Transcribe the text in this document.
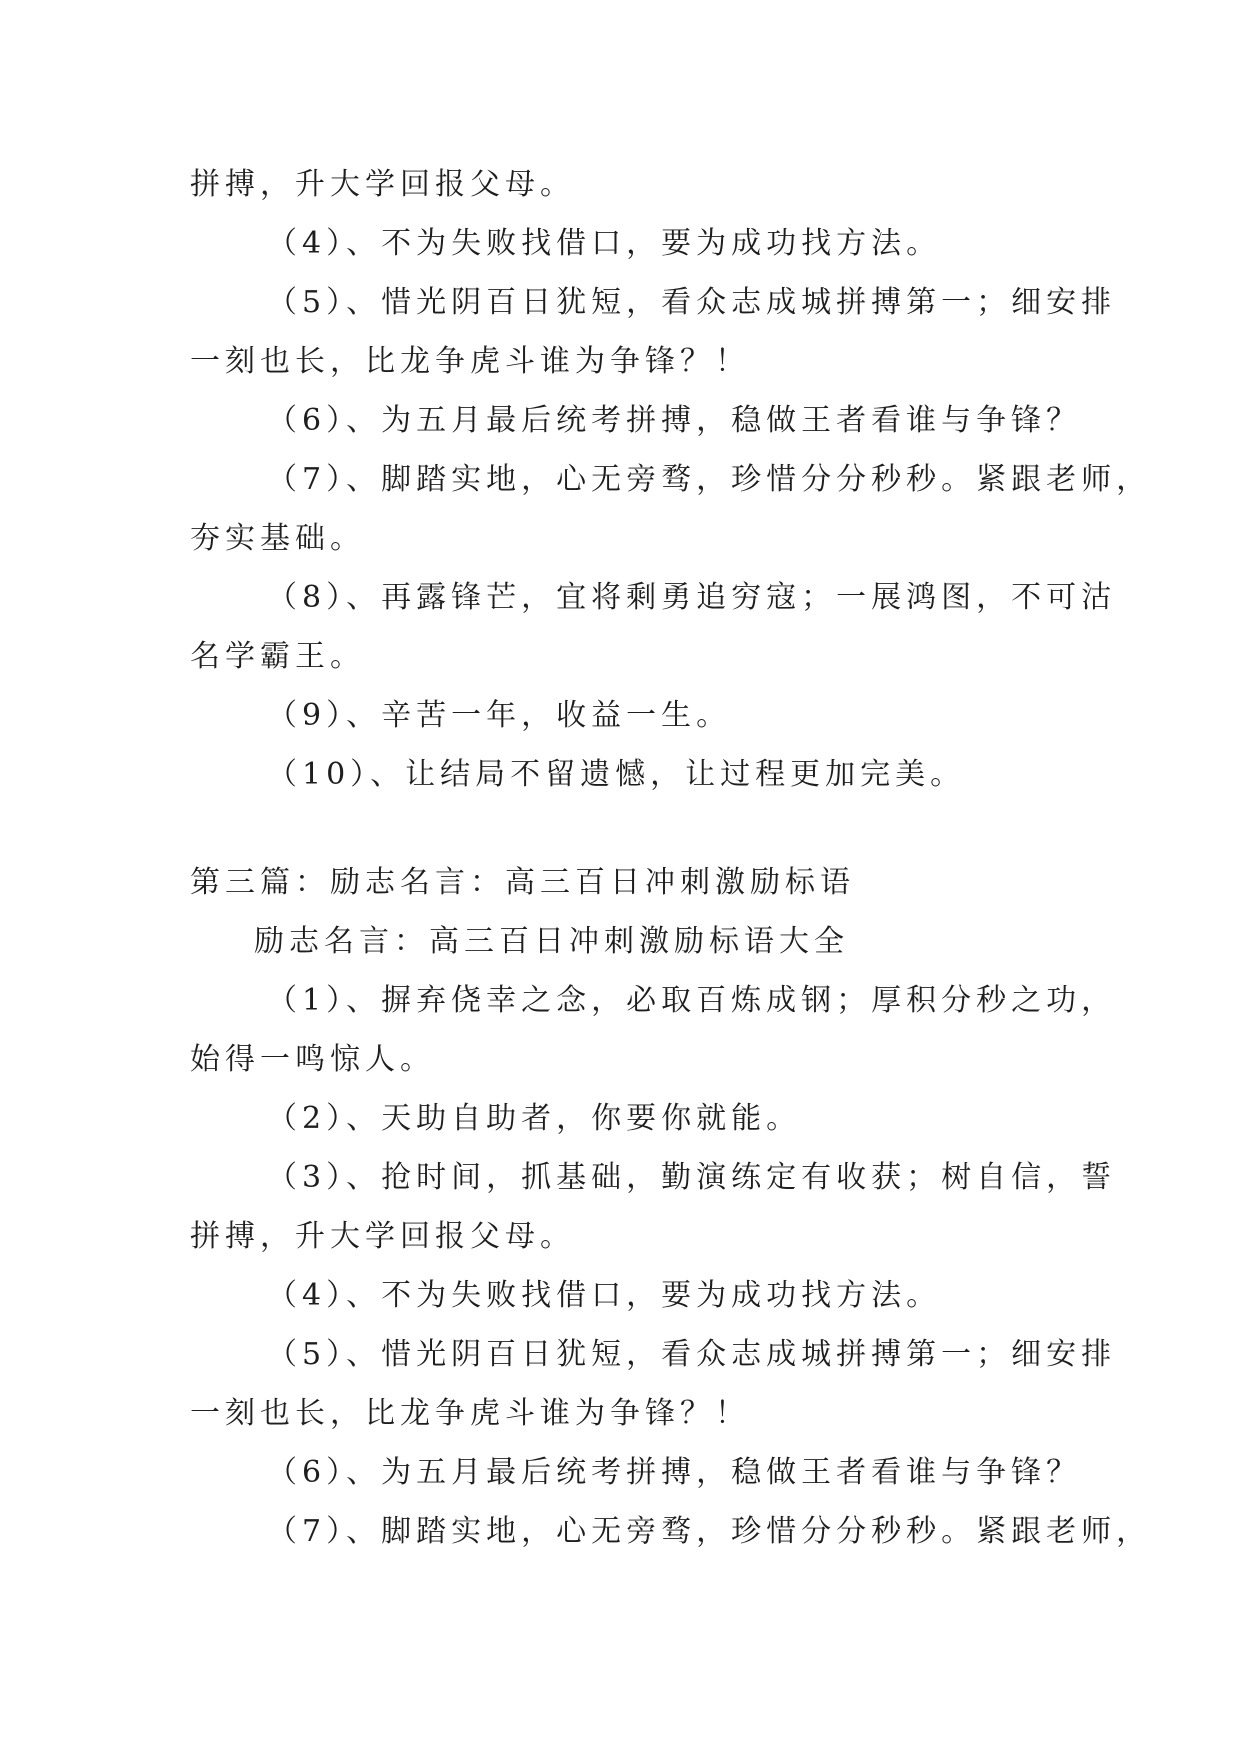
拼搏，升大学回报父母。
（4）、不为失败找借口，要为成功找方法。
（5）、惜光阴百日犹短，看众志成城拼搏第一；细安排
一刻也长，比龙争虎斗谁为争锋？！
（6）、为五月最后统考拼搏，稳做王者看谁与争锋？
（7）、脚踏实地，心无旁骛，珍惜分分秒秒。紧跟老师，
夯实基础。
（8）、再露锋芒，宜将剩勇追穷寇；一展鸿图，不可沽
名学霸王。
（9）、辛苦一年，收益一生。
（10）、让结局不留遗憾，让过程更加完美。
第三篇：励志名言：高三百日冲刺激励标语
励志名言：高三百日冲刺激励标语大全
（1）、摒弃侥幸之念，必取百炼成钢；厚积分秒之功，
始得一鸣惊人。
（2）、天助自助者，你要你就能。
（3）、抢时间，抓基础，勤演练定有收获；树自信，誓
拼搏，升大学回报父母。
（4）、不为失败找借口，要为成功找方法。
（5）、惜光阴百日犹短，看众志成城拼搏第一；细安排
一刻也长，比龙争虎斗谁为争锋？！
（6）、为五月最后统考拼搏，稳做王者看谁与争锋？
（7）、脚踏实地，心无旁骛，珍惜分分秒秒。紧跟老师，
